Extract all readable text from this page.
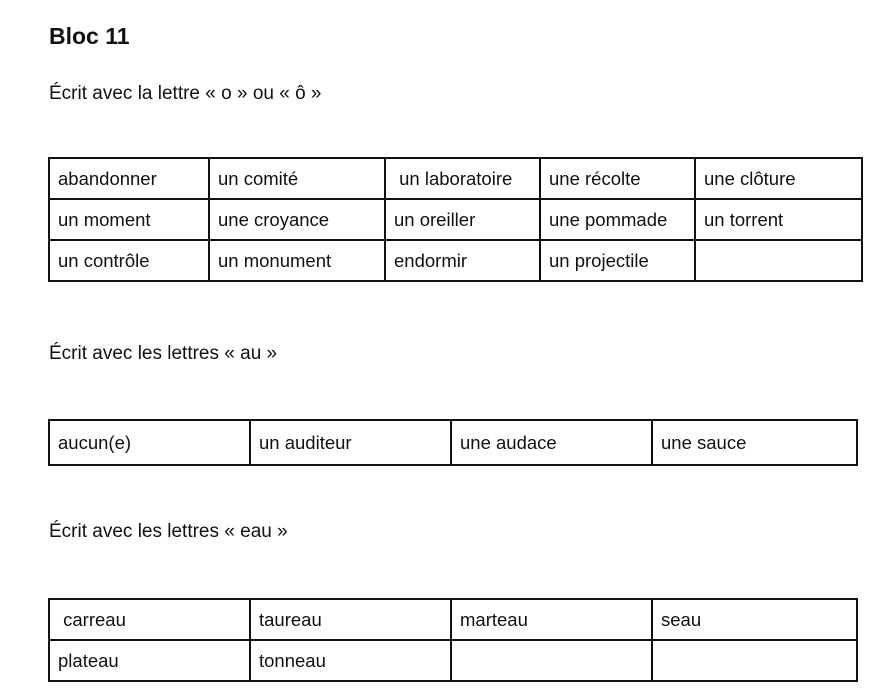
Bloc 11

Écrit avec la lettre « o » ou « ô »

abandonner	un comité	un laboratoire	une récolte	une clôture
un moment	une croyance	un oreiller	une pommade	un torrent
un contrôle	un monument	endormir	un projectile	

Écrit avec les lettres « au »

aucun(e)	un auditeur	une audace	une sauce

Écrit avec les lettres « eau »

carreau	taureau	marteau	seau
plateau	tonneau		
